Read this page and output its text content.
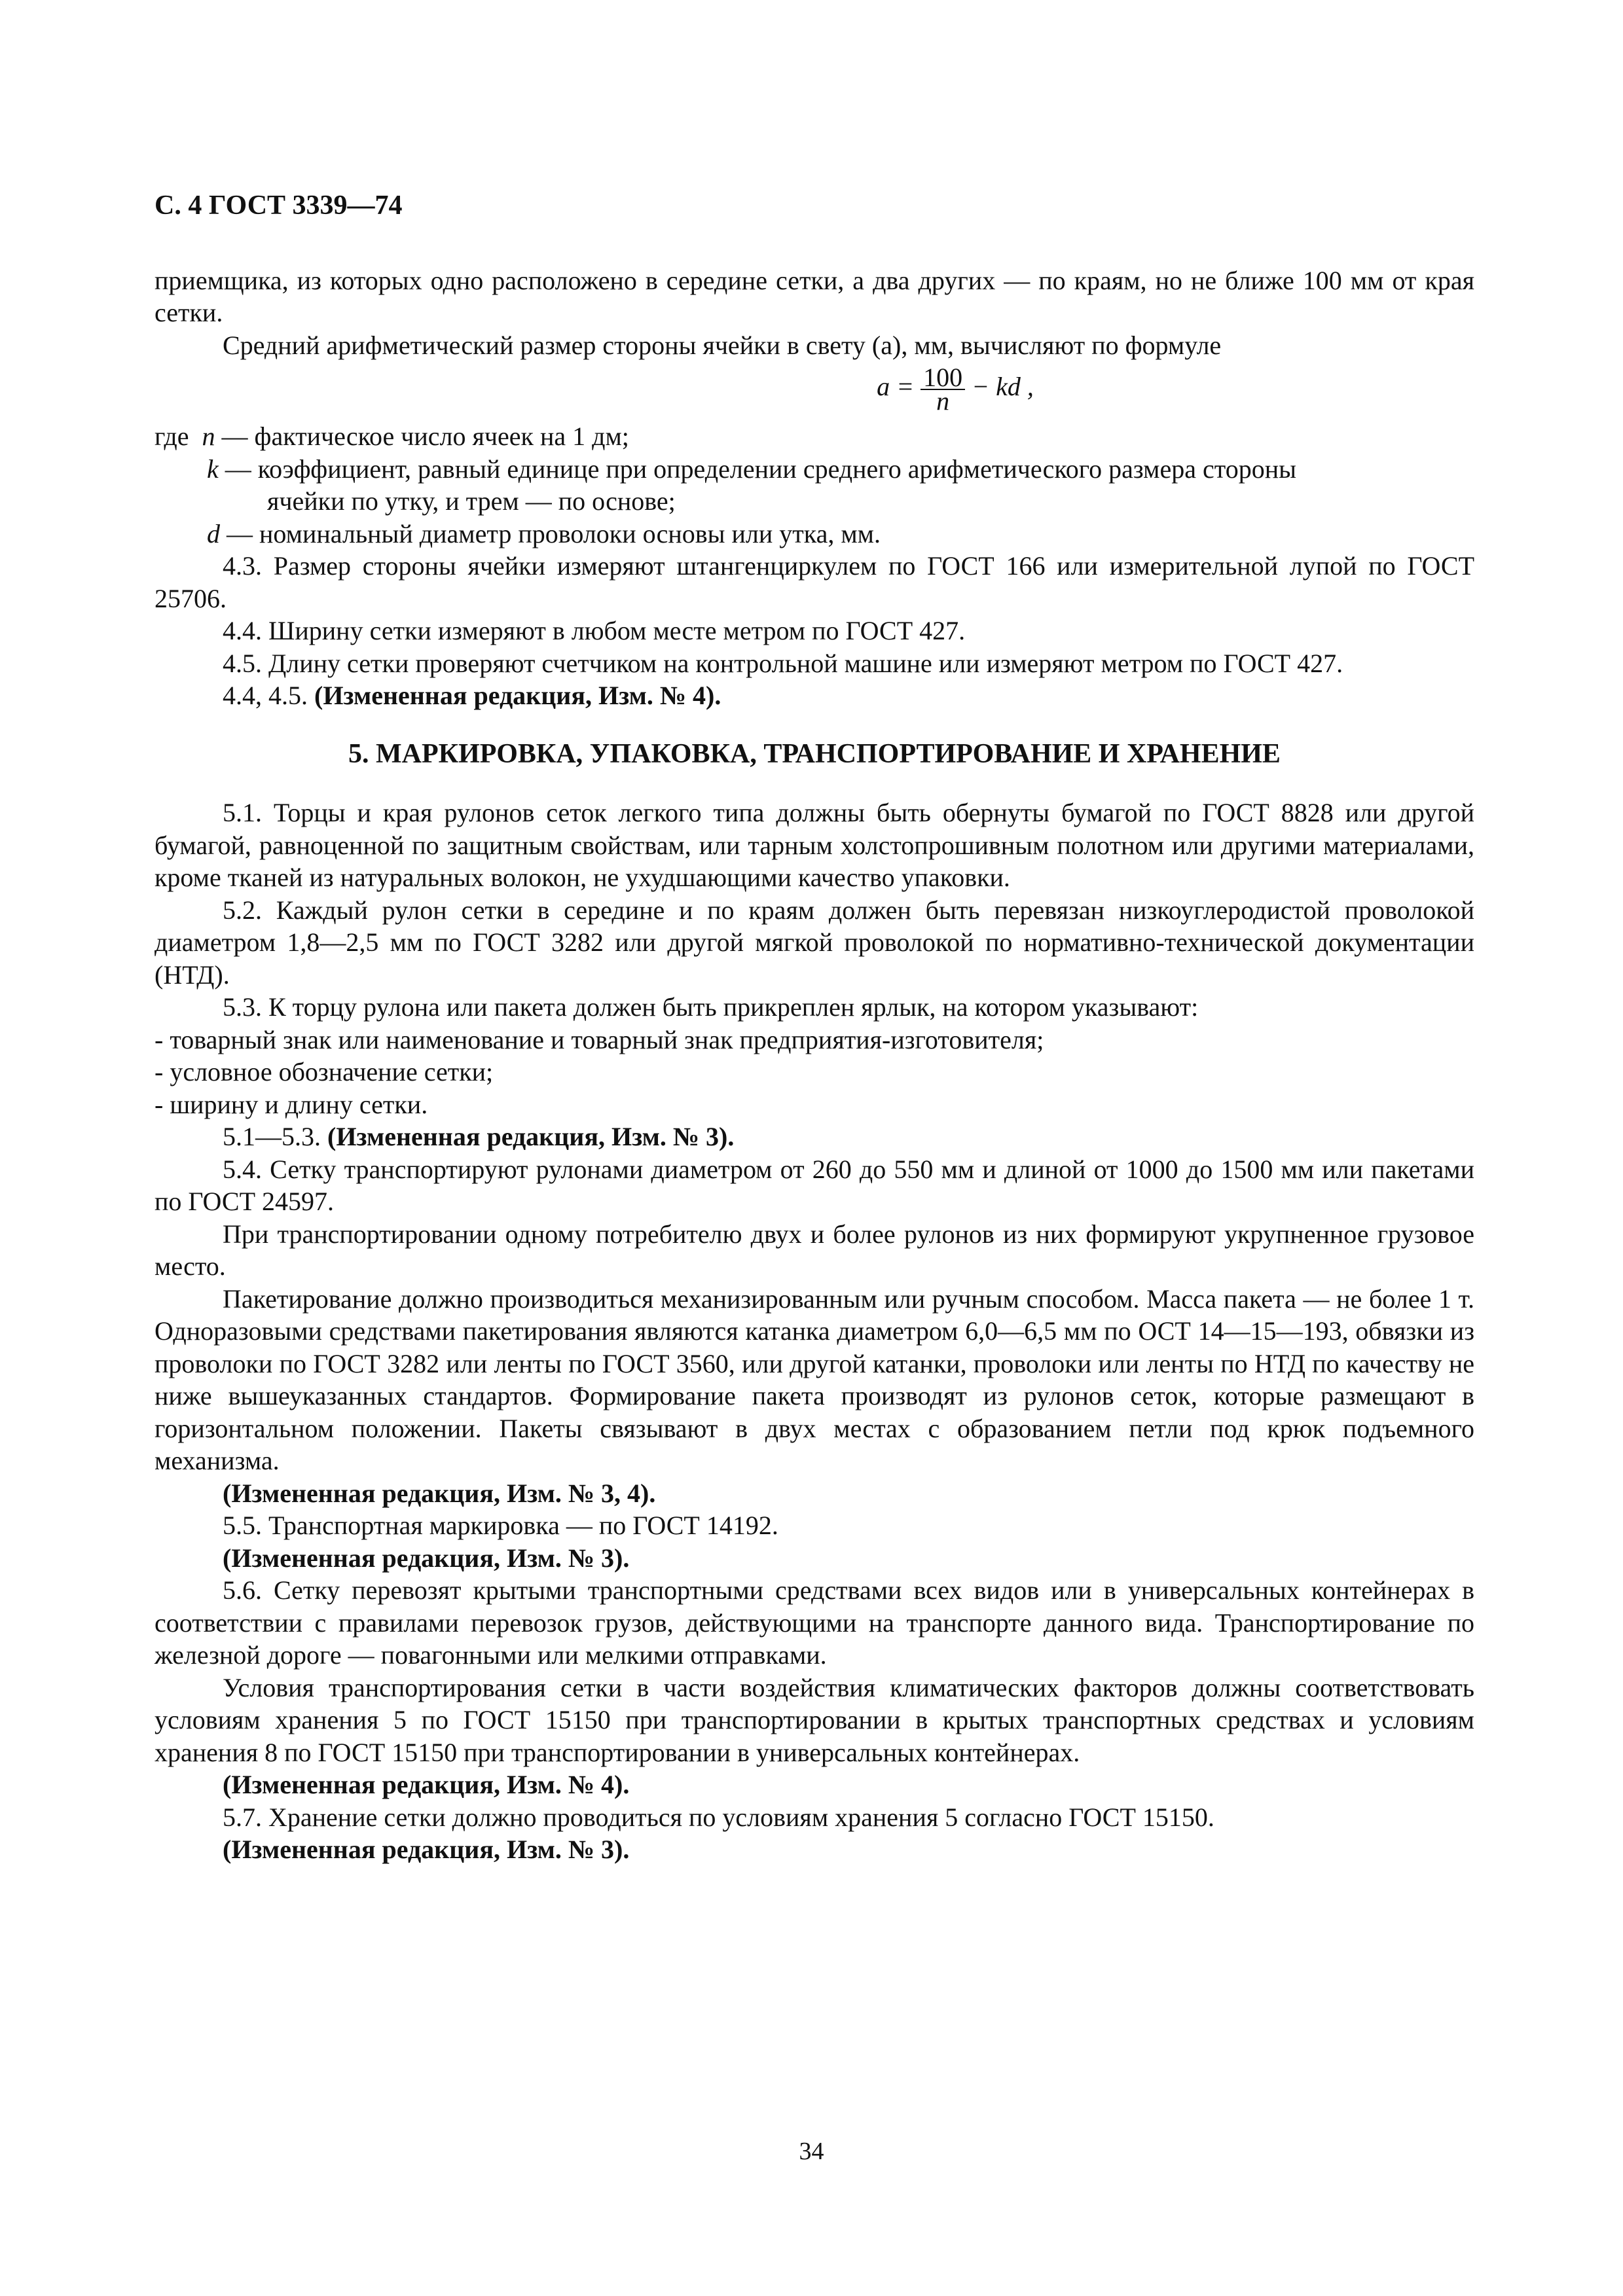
С. 4 ГОСТ 3339—74

приемщика, из которых одно расположено в середине сетки, а два других — по краям, но не ближе 100 мм от края сетки.

Средний арифметический размер стороны ячейки в свету (а), мм, вычисляют по формуле

$a = \frac{100}{n}$ − kd ,

где n — фактическое число ячеек на 1 дм;

k — коэффициент, равный единице при определении среднего арифметического размера стороны
ячейки по утку, и трем — по основе;

d — номинальный диаметр проволоки основы или утка, мм.

4.3. Размер стороны ячейки измеряют штангенциркулем по ГОСТ 166 или измерительной лупой по ГОСТ 25706.

4.4. Ширину сетки измеряют в любом месте метром по ГОСТ 427.

4.5. Длину сетки проверяют счетчиком на контрольной машине или измеряют метром по ГОСТ 427.

4.4, 4.5. (Измененная редакция, Изм. № 4).

5. МАРКИРОВКА, УПАКОВКА, ТРАНСПОРТИРОВАНИЕ И ХРАНЕНИЕ

5.1. Торцы и края рулонов сеток легкого типа должны быть обернуты бумагой по ГОСТ 8828 или другой бумагой, равноценной по защитным свойствам, или тарным холстопрошивным полотном или другими материалами, кроме тканей из натуральных волокон, не ухудшающими качество упаковки.

5.2. Каждый рулон сетки в середине и по краям должен быть перевязан низкоуглеродистой проволокой диаметром 1,8—2,5 мм по ГОСТ 3282 или другой мягкой проволокой по нормативно-технической документации (НТД).

5.3. К торцу рулона или пакета должен быть прикреплен ярлык, на котором указывают:

- товарный знак или наименование и товарный знак предприятия-изготовителя;

- условное обозначение сетки;

- ширину и длину сетки.

5.1—5.3. (Измененная редакция, Изм. № 3).

5.4. Сетку транспортируют рулонами диаметром от 260 до 550 мм и длиной от 1000 до 1500 мм или пакетами по ГОСТ 24597.

При транспортировании одному потребителю двух и более рулонов из них формируют укрупненное грузовое место.

Пакетирование должно производиться механизированным или ручным способом. Масса пакета — не более 1 т. Одноразовыми средствами пакетирования являются катанка диаметром 6,0—6,5 мм по ОСТ 14—15—193, обвязки из проволоки по ГОСТ 3282 или ленты по ГОСТ 3560, или другой катанки, проволоки или ленты по НТД по качеству не ниже вышеуказанных стандартов. Формирование пакета производят из рулонов сеток, которые размещают в горизонтальном положении. Пакеты связывают в двух местах с образованием петли под крюк подъемного механизма.

(Измененная редакция, Изм. № 3, 4).

5.5. Транспортная маркировка — по ГОСТ 14192.

(Измененная редакция, Изм. № 3).

5.6. Сетку перевозят крытыми транспортными средствами всех видов или в универсальных контейнерах в соответствии с правилами перевозок грузов, действующими на транспорте данного вида. Транспортирование по железной дороге — повагонными или мелкими отправками.

Условия транспортирования сетки в части воздействия климатических факторов должны соответствовать условиям хранения 5 по ГОСТ 15150 при транспортировании в крытых транспортных средствах и условиям хранения 8 по ГОСТ 15150 при транспортировании в универсальных контейнерах.

(Измененная редакция, Изм. № 4).

5.7. Хранение сетки должно проводиться по условиям хранения 5 согласно ГОСТ 15150.

(Измененная редакция, Изм. № 3).

34
